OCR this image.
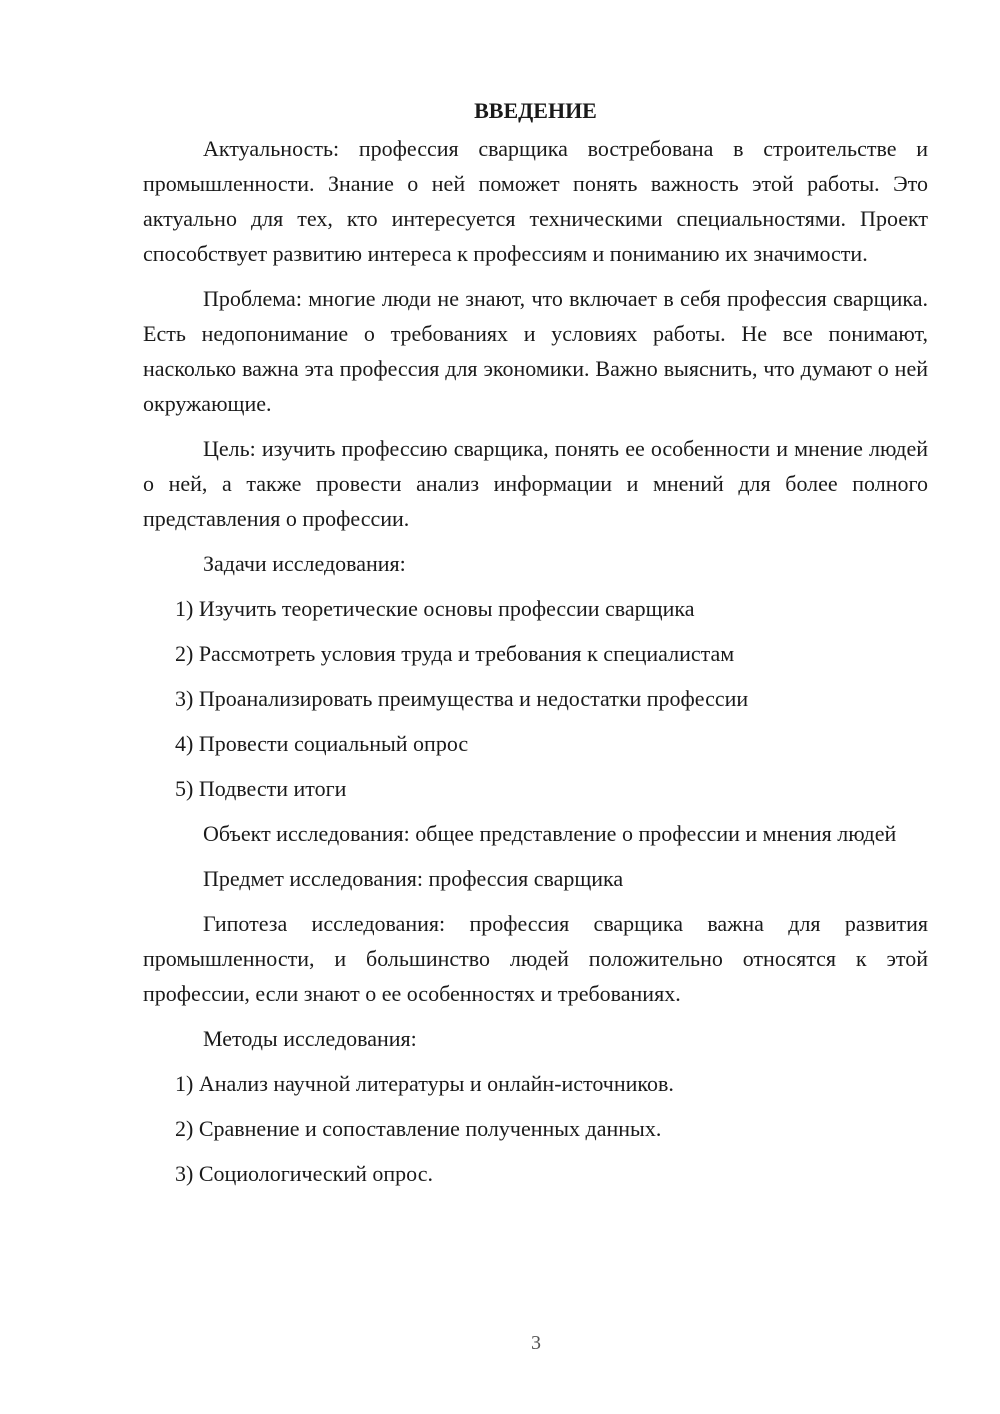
ВВЕДЕНИЕ

Актуальность: профессия сварщика востребована в строительстве и промышленности. Знание о ней поможет понять важность этой работы. Это актуально для тех, кто интересуется техническими специальностями. Проект способствует развитию интереса к профессиям и пониманию их значимости.

Проблема: многие люди не знают, что включает в себя профессия сварщика. Есть недопонимание о требованиях и условиях работы. Не все понимают, насколько важна эта профессия для экономики. Важно выяснить, что думают о ней окружающие.

Цель: изучить профессию сварщика, понять ее особенности и мнение людей о ней, а также провести анализ информации и мнений для более полного представления о профессии.

Задачи исследования:

1) Изучить теоретические основы профессии сварщика

2) Рассмотреть условия труда и требования к специалистам

3) Проанализировать преимущества и недостатки профессии

4) Провести социальный опрос

5) Подвести итоги

Объект исследования: общее представление о профессии и мнения людей

Предмет исследования: профессия сварщика

Гипотеза исследования: профессия сварщика важна для развития промышленности, и большинство людей положительно относятся к этой профессии, если знают о ее особенностях и требованиях.

Методы исследования:

1) Анализ научной литературы и онлайн-источников.

2) Сравнение и сопоставление полученных данных.

3) Социологический опрос.

3
